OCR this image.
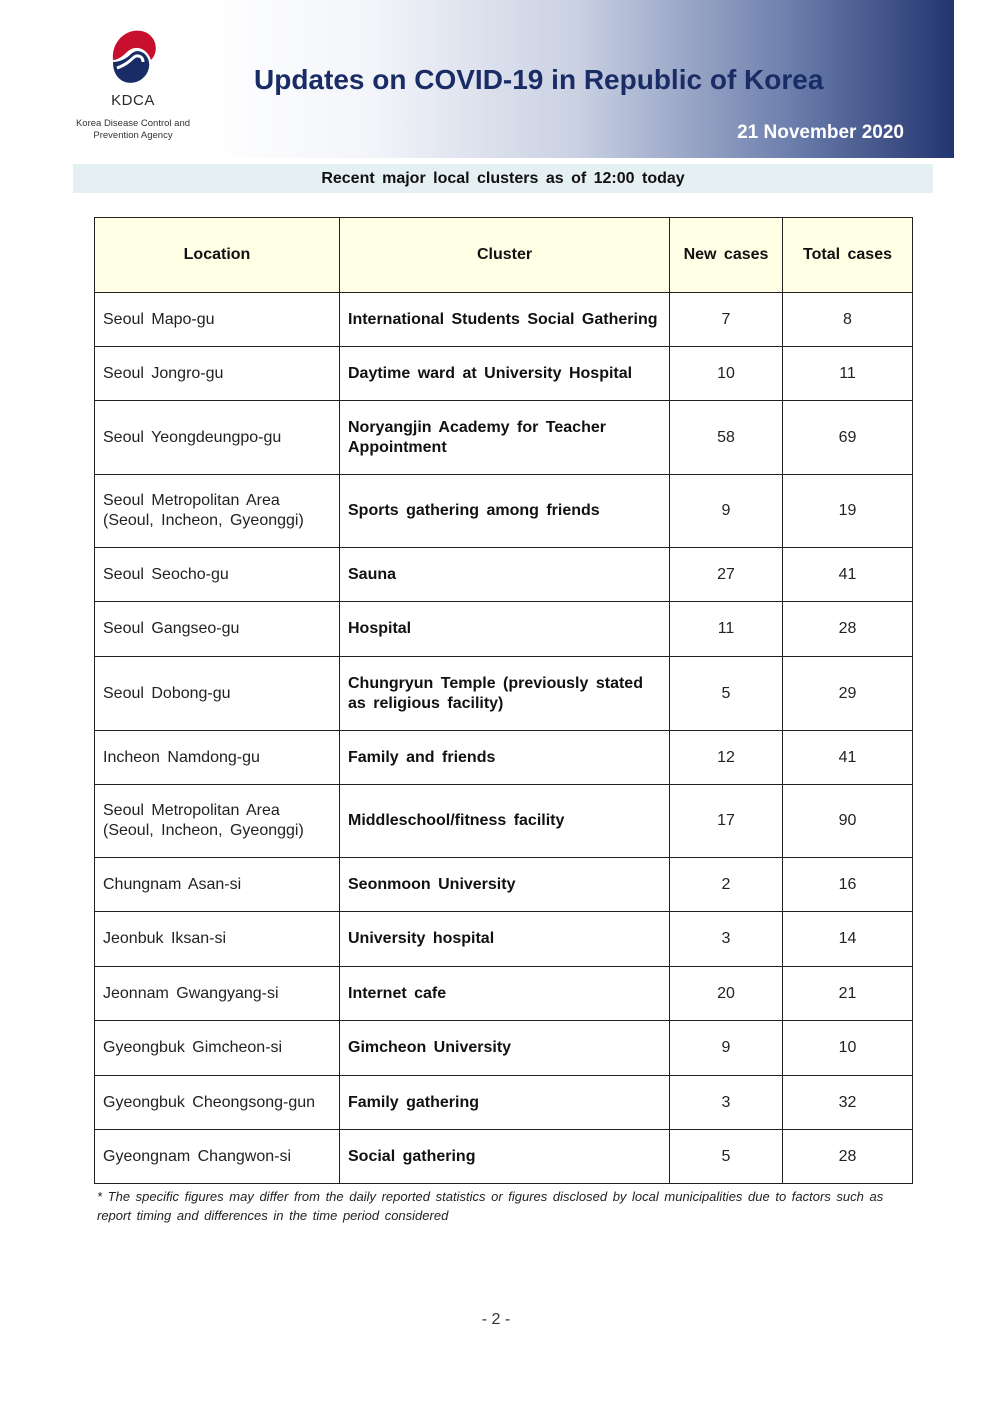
KDCA
Korea Disease Control and
Prevention Agency
Updates on COVID-19 in Republic of Korea
21 November 2020
Recent major local clusters as of 12:00 today
Location	Cluster	New cases	Total cases
Seoul Mapo-gu	International Students Social Gathering	7	8
Seoul Jongro-gu	Daytime ward at University Hospital	10	11
Seoul Yeongdeungpo-gu	Noryangjin Academy for Teacher Appointment	58	69
Seoul Metropolitan Area (Seoul, Incheon, Gyeonggi)	Sports gathering among friends	9	19
Seoul Seocho-gu	Sauna	27	41
Seoul Gangseo-gu	Hospital	11	28
Seoul Dobong-gu	Chungryun Temple (previously stated as religious facility)	5	29
Incheon Namdong-gu	Family and friends	12	41
Seoul Metropolitan Area (Seoul, Incheon, Gyeonggi)	Middleschool/fitness facility	17	90
Chungnam Asan-si	Seonmoon University	2	16
Jeonbuk Iksan-si	University hospital	3	14
Jeonnam Gwangyang-si	Internet cafe	20	21
Gyeongbuk Gimcheon-si	Gimcheon University	9	10
Gyeongbuk Cheongsong-gun	Family gathering	3	32
Gyeongnam Changwon-si	Social gathering	5	28
* The specific figures may differ from the daily reported statistics or figures disclosed by local municipalities due to factors such as report timing and differences in the time period considered
- 2 -
